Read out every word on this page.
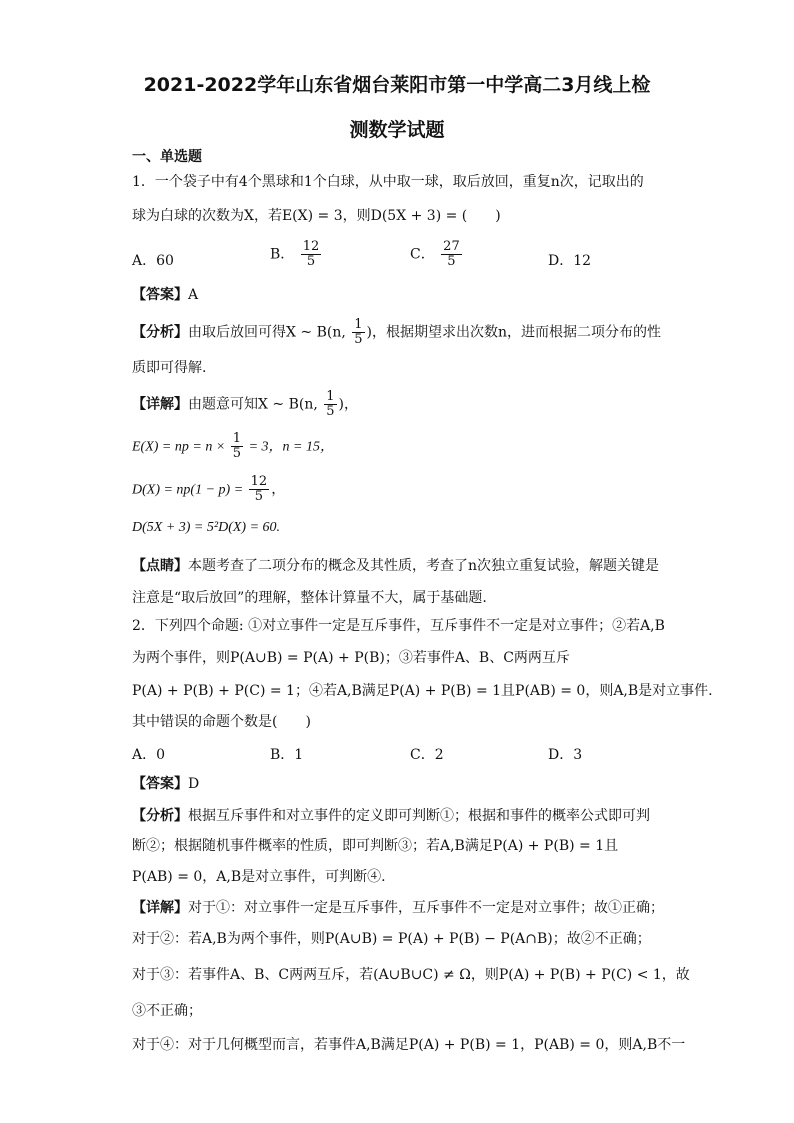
2021-2022学年山东省烟台莱阳市第一中学高二3月线上检
测数学试题
一、单选题
1．一个袋子中有4个黑球和1个白球，从中取一球，取后放回，重复n次，记取出的
球为白球的次数为X，若E(X) = 3，则D(5X + 3) = (　　)
A．60	B． $\frac{12}{5}$	C． $\frac{27}{5}$	D．12
【答案】A
【分析】由取后放回可得X ~ B(n, $\frac{1}{5}$ )，根据期望求出次数n，进而根据二项分布的性
质即可得解.
【详解】由题意可知X ~ B(n, $\frac{1}{5}$ )，
E(X) = np = $n \times \frac{1}{5} = 3$，n = 15，
$D(X) = np(1 - p) = \frac{12}{5}$ ，
D(5X + 3) = 5²D(X) = 60.
【点睛】本题考查了二项分布的概念及其性质，考查了n次独立重复试验，解题关键是
注意是“取后放回”的理解，整体计算量不大，属于基础题.
2．下列四个命题: ①对立事件一定是互斥事件，互斥事件不一定是对立事件；②若A,B
为两个事件，则P(A∪B) = P(A) + P(B)；③若事件A、B、C两两互斥
P(A) + P(B) + P(C) = 1；④若A,B满足P(A) + P(B) = 1且P(AB) = 0，则A,B是对立事件.
其中错误的命题个数是(　　)
A．0	B．1	C．2	D．3
【答案】D
【分析】根据互斥事件和对立事件的定义即可判断①；根据和事件的概率公式即可判
断②；根据随机事件概率的性质，即可判断③；若A,B满足P(A) + P(B) = 1且
P(AB) = 0，A,B是对立事件，可判断④.
【详解】对于①：对立事件一定是互斥事件，互斥事件不一定是对立事件；故①正确；
对于②：若A,B为两个事件，则P(A∪B) = P(A) + P(B) − P(A∩B)；故②不正确；
对于③：若事件A、B、C两两互斥，若(A∪B∪C) ≠ Ω，则P(A) + P(B) + P(C) < 1，故
③不正确；
对于④：对于几何概型而言，若事件A,B满足P(A) + P(B) = 1，P(AB) = 0，则A,B不一
